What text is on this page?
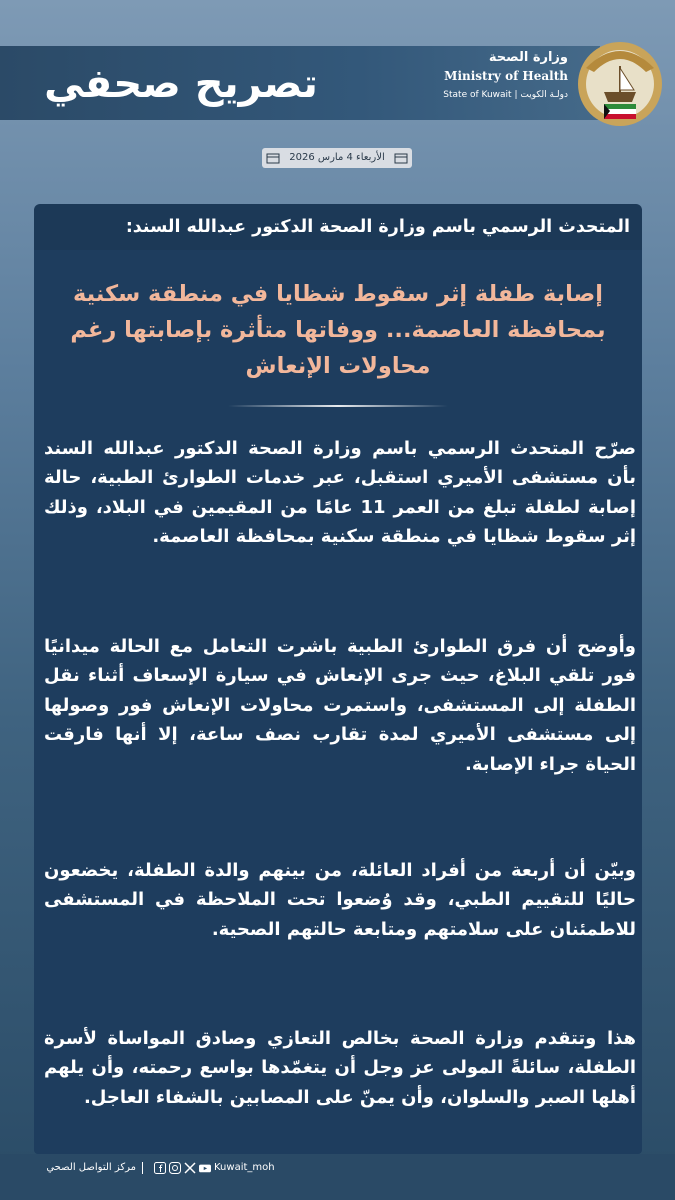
تصريح صحفي
وزارة الصحة
Ministry of Health
State of Kuwait | دولـة الكويت
الأربعاء 4 مارس 2026
المتحدث الرسمي باسم وزارة الصحة الدكتور عبدالله السند:
إصابة طفلة إثر سقوط شظايا في منطقة سكنية بمحافظة العاصمة... ووفاتها متأثرة بإصابتها رغم محاولات الإنعاش
صرّح المتحدث الرسمي باسم وزارة الصحة الدكتور عبدالله السند بأن مستشفى الأميري استقبل، عبر خدمات الطوارئ الطبية، حالة إصابة لطفلة تبلغ من العمر 11 عامًا من المقيمين في البلاد، وذلك إثر سقوط شظايا في منطقة سكنية بمحافظة العاصمة.
وأوضح أن فرق الطوارئ الطبية باشرت التعامل مع الحالة ميدانيًا فور تلقي البلاغ، حيث جرى الإنعاش في سيارة الإسعاف أثناء نقل الطفلة إلى المستشفى، واستمرت محاولات الإنعاش فور وصولها إلى مستشفى الأميري لمدة تقارب نصف ساعة، إلا أنها فارقت الحياة جراء الإصابة.
وبيّن أن أربعة من أفراد العائلة، من بينهم والدة الطفلة، يخضعون حاليًا للتقييم الطبي، وقد وُضعوا تحت الملاحظة في المستشفى للاطمئنان على سلامتهم ومتابعة حالتهم الصحية.
هذا وتتقدم وزارة الصحة بخالص التعازي وصادق المواساة لأسرة الطفلة، سائلةً المولى عز وجل أن يتغمّدها بواسع رحمته، وأن يلهم أهلها الصبر والسلوان، وأن يمنّ على المصابين بالشفاء العاجل.
Kuwait_moh
مركز التواصل الصحي
